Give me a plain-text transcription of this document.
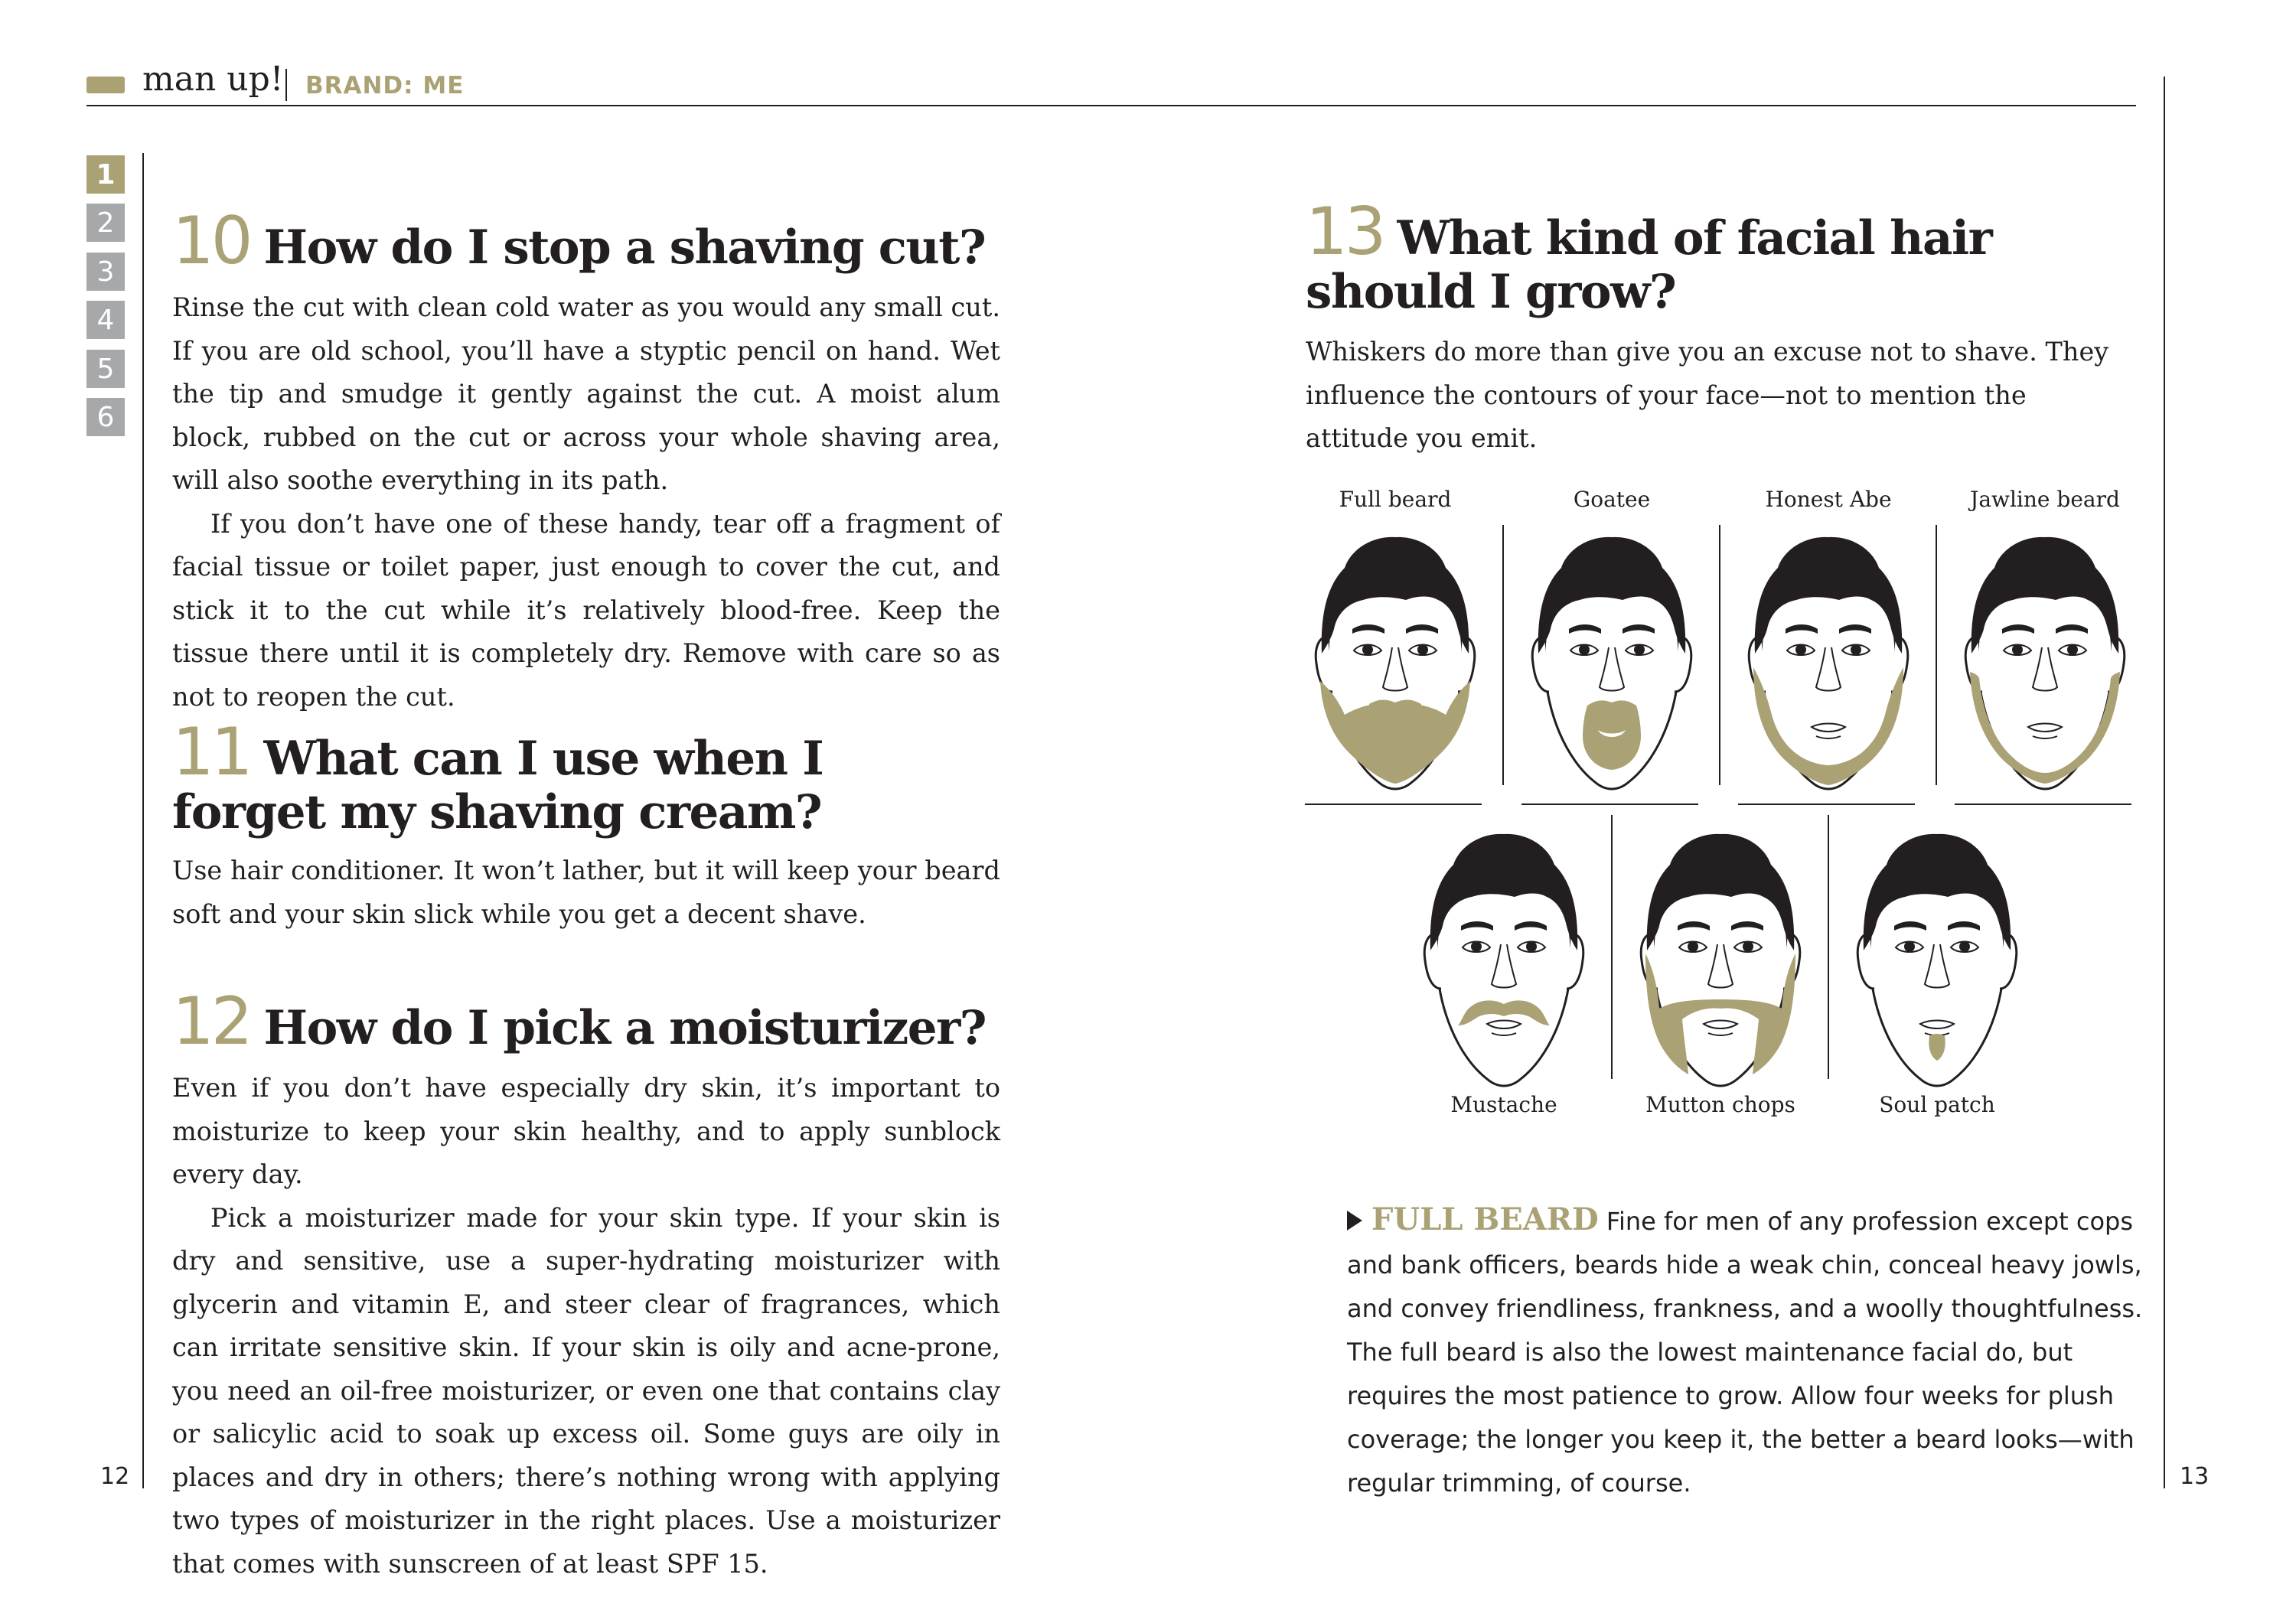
man up! BRAND: ME
1
2
3
4
5
6
12	13
10 How do I stop a shaving cut?

Rinse the cut with clean cold water as you would any small cut. If you are old school, you’ll have a styptic pencil on hand. Wet the tip and smudge it gently against the cut. A moist alum block, rubbed on the cut or across your whole shaving area, will also soothe everything in its path.

If you don’t have one of these handy, tear off a fragment of facial tissue or toilet paper, just enough to cover the cut, and stick it to the cut while it’s relatively blood-free. Keep the tissue there until it is completely dry. Remove with care so as not to reopen the cut.

11 What can I use when I
forget my shaving cream?

Use hair conditioner. It won’t lather, but it will keep your beard soft and your skin slick while you get a decent shave.

12 How do I pick a moisturizer?

Even if you don’t have especially dry skin, it’s important to moisturize to keep your skin healthy, and to apply sunblock every day.

Pick a moisturizer made for your skin type. If your skin is dry and sensitive, use a super-hydrating moisturizer with glycerin and vitamin E, and steer clear of fragrances, which can irritate sensitive skin. If your skin is oily and acne-prone, you need an oil-free moisturizer, or even one that contains clay or salicylic acid to soak up excess oil. Some guys are oily in places and dry in others; there’s nothing wrong with applying two types of moisturizer in the right places. Use a moisturizer that comes with sunscreen of at least SPF 15.

13 What kind of facial hair
should I grow?
Whiskers do more than give you an excuse not to shave. They influence the contours of your face—not to mention the attitude you emit.
Full beard	Goatee	Honest Abe	Jawline beard
Mustache	Mutton chops	Soul patch
FULL BEARD Fine for men of any profession except cops and bank officers, beards hide a weak chin, conceal heavy jowls, and convey friendliness, frankness, and a woolly thoughtfulness. The full beard is also the lowest maintenance facial do, but requires the most patience to grow. Allow four weeks for plush coverage; the longer you keep it, the better a beard looks—with regular trimming, of course.
